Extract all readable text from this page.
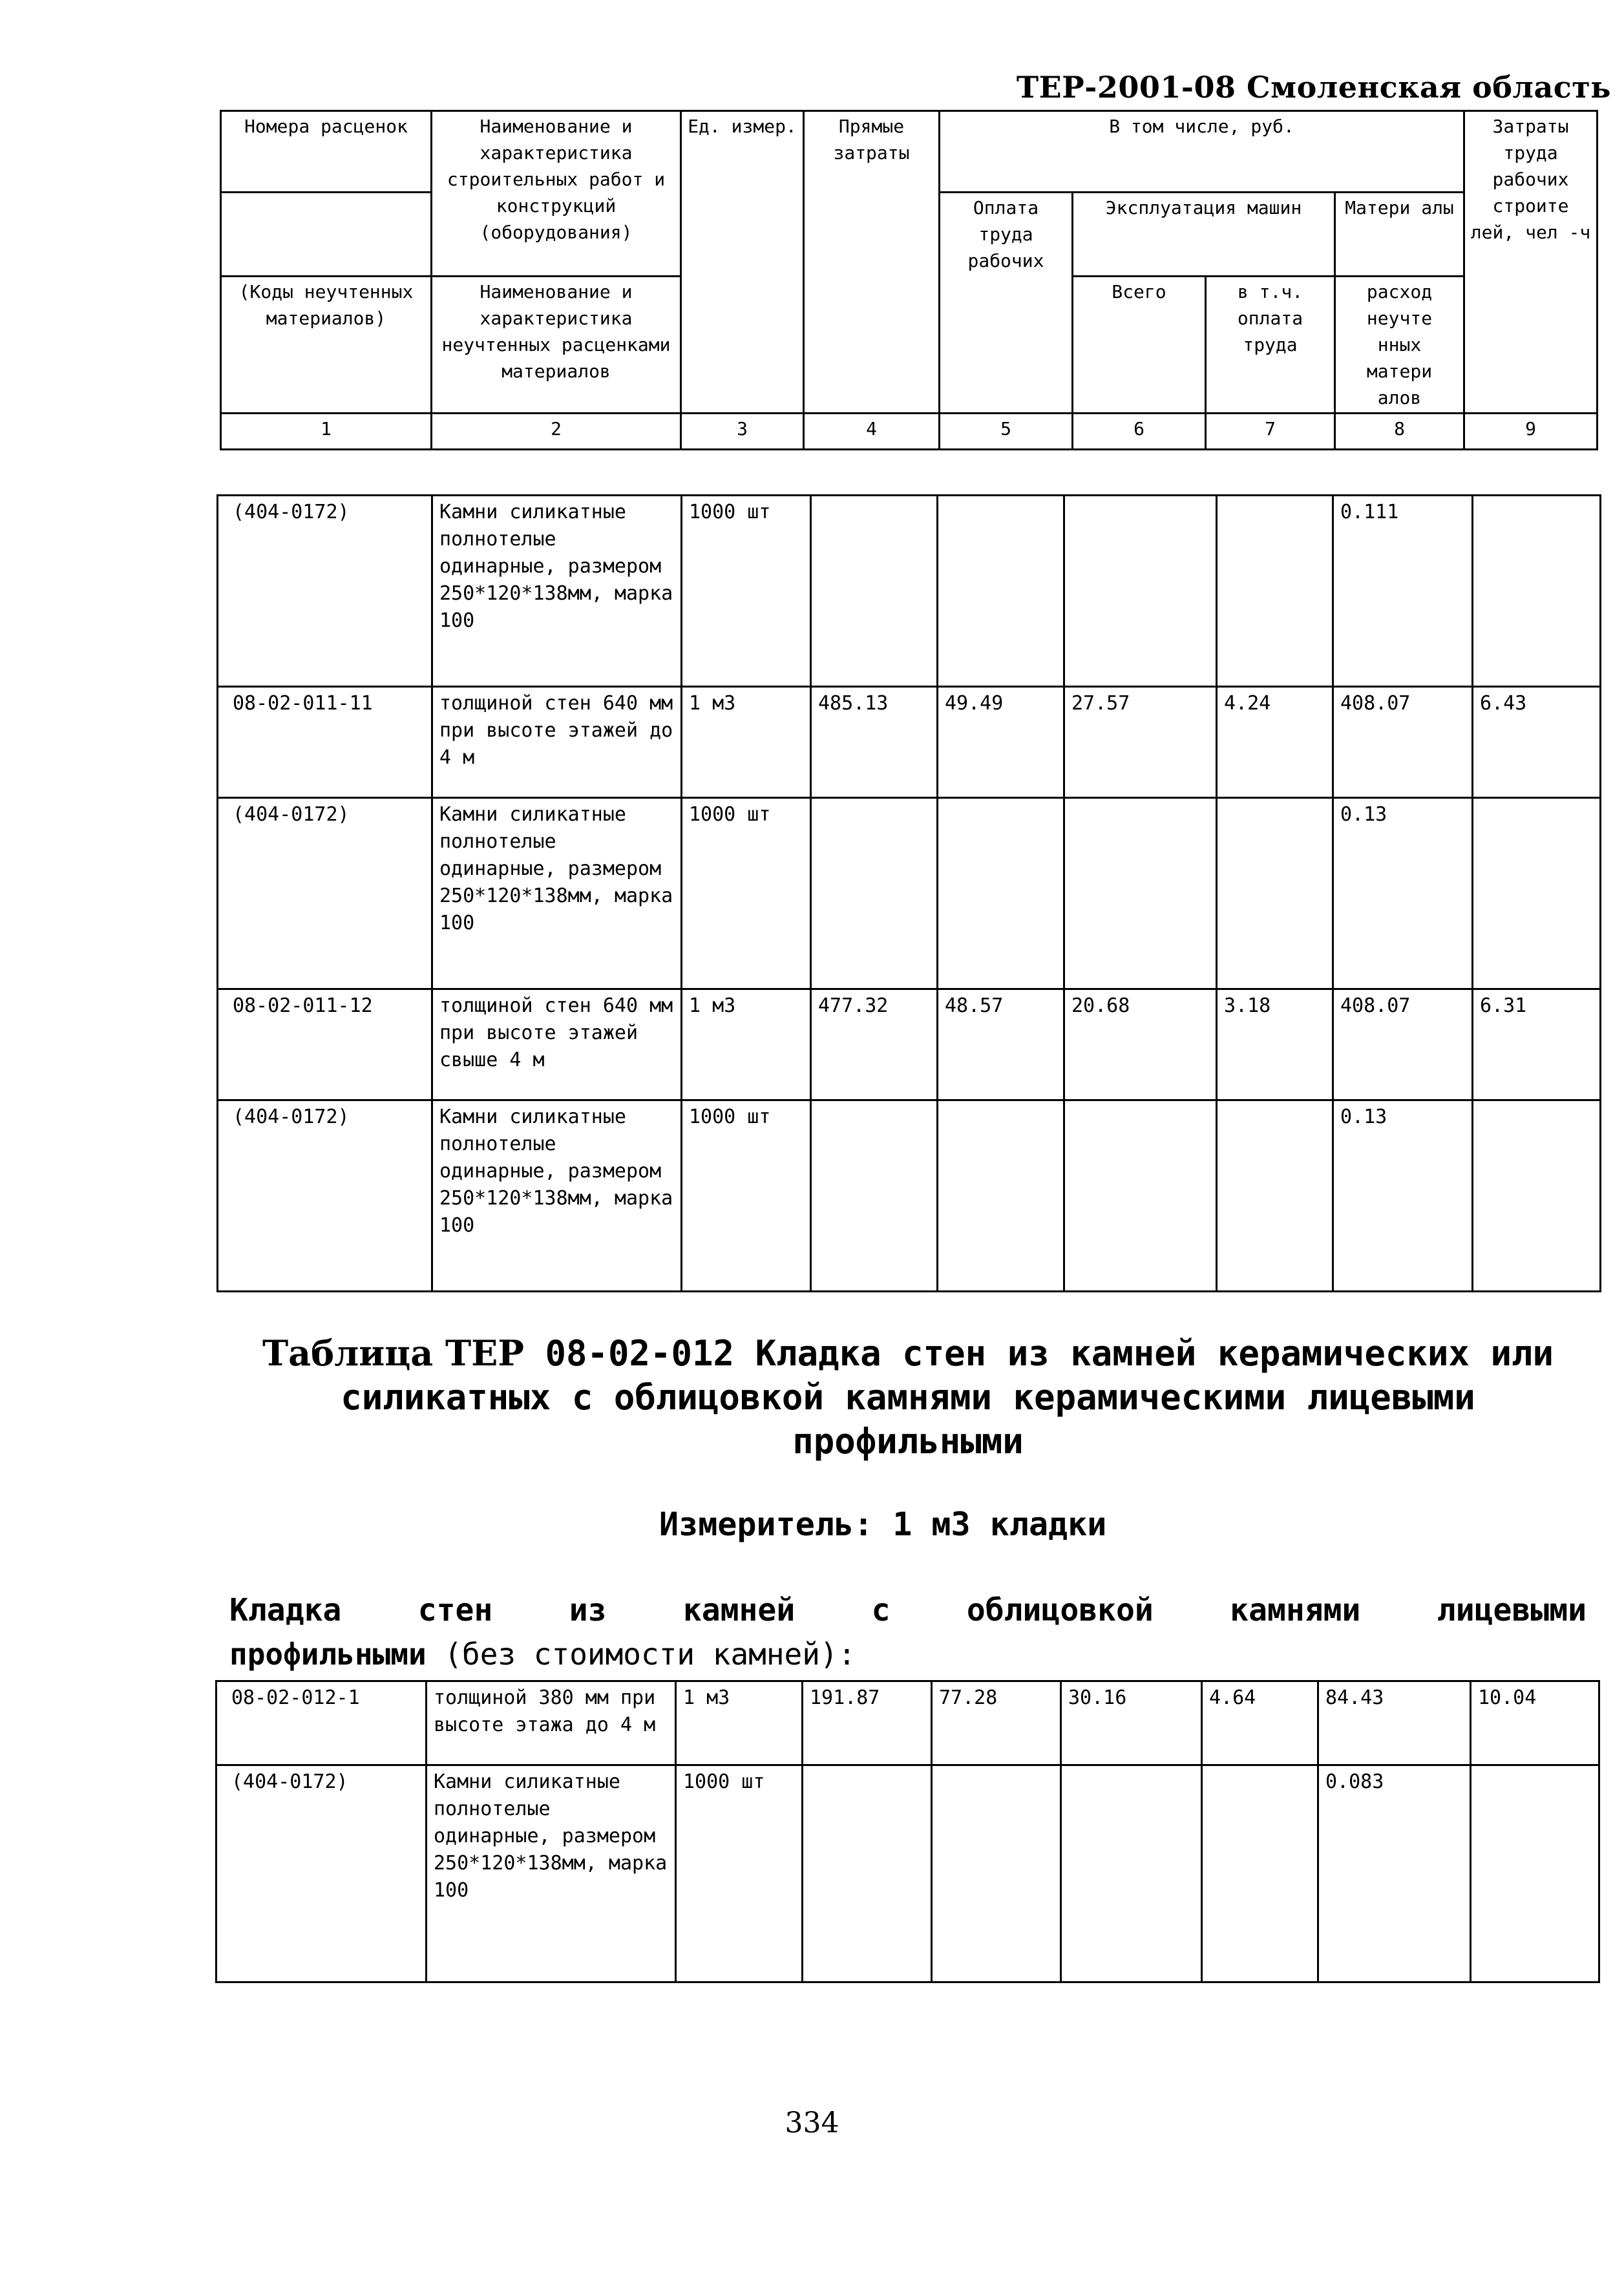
ТЕР-2001-08 Смоленская область
Номера расценок	Наименование и характеристика строительных работ и конструкций (оборудования)	Ед. измер.	Прямые затраты	В том числе, руб.				Затраты труда рабочих строите лей, чел -ч
				Оплата труда рабочих	Эксплуатация машин		Матери алы	
(Коды неучтенных материалов)	Наименование и характеристика неучтенных расценками материалов				Всего	в т.ч. оплата труда	расход неучте нных матери алов	
1	2	3	4	5	6	7	8	9
(404-0172)	Камни силикатные полнотелые одинарные, размером 250*120*138мм, марка 100	1000 шт					0.111	
08-02-011-11	толщиной стен 640 мм при высоте этажей до 4 м	1 м3	485.13	49.49	27.57	4.24	408.07	6.43
(404-0172)	Камни силикатные полнотелые одинарные, размером 250*120*138мм, марка 100	1000 шт					0.13	
08-02-011-12	толщиной стен 640 мм при высоте этажей свыше 4 м	1 м3	477.32	48.57	20.68	3.18	408.07	6.31
(404-0172)	Камни силикатные полнотелые одинарные, размером 250*120*138мм, марка 100	1000 шт					0.13	
Таблица ТЕР 08-02-012 Кладка стен из камней керамических или силикатных с облицовкой камнями керамическими лицевыми профильными
Измеритель: 1 м3 кладки
Кладка стен из камней с облицовкой камнями лицевыми
профильными (без стоимости камней):
08-02-012-1	толщиной 380 мм при высоте этажа до 4 м	1 м3	191.87	77.28	30.16	4.64	84.43	10.04
(404-0172)	Камни силикатные полнотелые одинарные, размером 250*120*138мм, марка 100	1000 шт					0.083	
334
